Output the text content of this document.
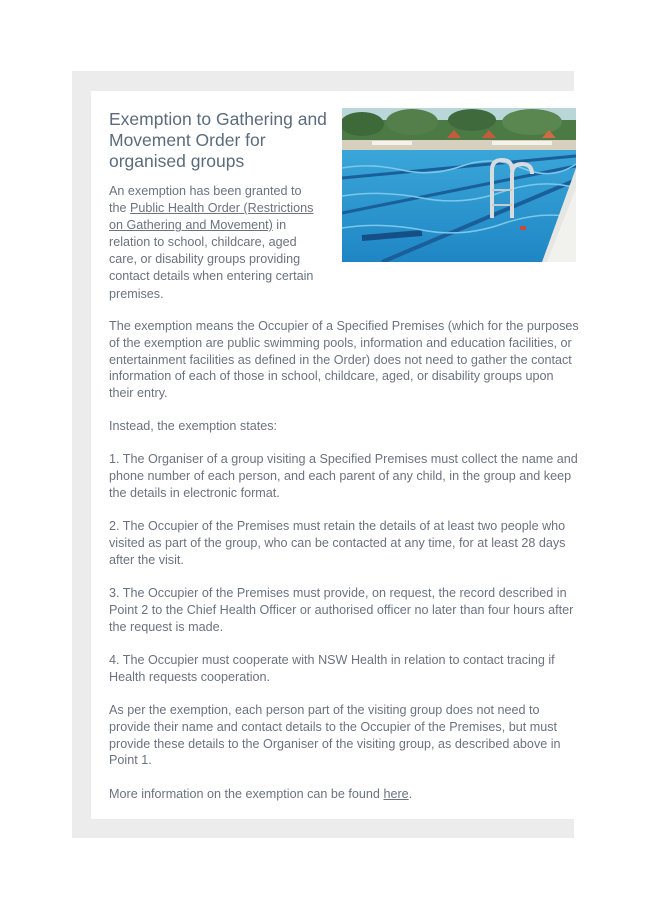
Exemption to Gathering and Movement Order for organised groups

An exemption has been granted to the Public Health Order (Restrictions on Gathering and Movement) in relation to school, childcare, aged care, or disability groups providing contact details when entering certain premises.

The exemption means the Occupier of a Specified Premises (which for the purposes of the exemption are public swimming pools, information and education facilities, or entertainment facilities as defined in the Order) does not need to gather the contact information of each of those in school, childcare, aged, or disability groups upon their entry.

Instead, the exemption states:

1. The Organiser of a group visiting a Specified Premises must collect the name and phone number of each person, and each parent of any child, in the group and keep the details in electronic format.

2. The Occupier of the Premises must retain the details of at least two people who visited as part of the group, who can be contacted at any time, for at least 28 days after the visit.

3. The Occupier of the Premises must provide, on request, the record described in Point 2 to the Chief Health Officer or authorised officer no later than four hours after the request is made.

4. The Occupier must cooperate with NSW Health in relation to contact tracing if Health requests cooperation.

As per the exemption, each person part of the visiting group does not need to provide their name and contact details to the Occupier of the Premises, but must provide these details to the Organiser of the visiting group, as described above in Point 1.

More information on the exemption can be found here.
